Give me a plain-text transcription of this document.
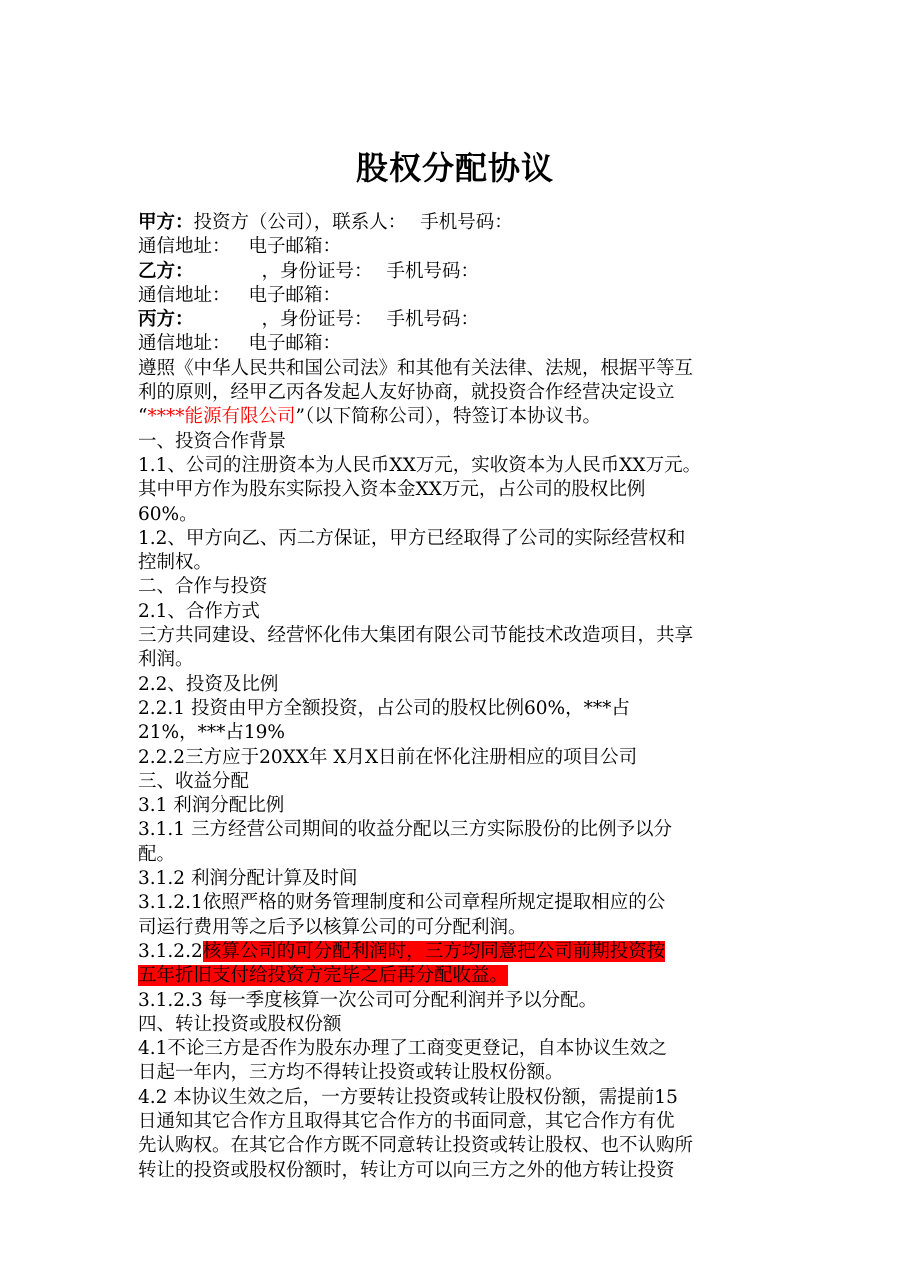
股权分配协议
甲方：投资方（公司），联系人： 手机号码：
通信地址： 电子邮箱：
乙方：	，身份证号： 手机号码：
通信地址： 电子邮箱：
丙方：	，身份证号： 手机号码：
通信地址： 电子邮箱：
遵照《中华人民共和国公司法》和其他有关法律、法规，根据平等互
利的原则，经甲乙丙各发起人友好协商，就投资合作经营决定设立
“****能源有限公司”（以下简称公司），特签订本协议书。
一、投资合作背景
1.1、公司的注册资本为人民币XX万元，实收资本为人民币XX万元。
其中甲方作为股东实际投入资本金XX万元，占公司的股权比例
60%。
1.2、甲方向乙、丙二方保证，甲方已经取得了公司的实际经营权和
控制权。
二、合作与投资
2.1、合作方式
三方共同建设、经营怀化伟大集团有限公司节能技术改造项目，共享
利润。
2.2、投资及比例
2.2.1 投资由甲方全额投资，占公司的股权比例60%，***占
21%，***占19%
2.2.2三方应于20XX年 X月X日前在怀化注册相应的项目公司
三、收益分配
3.1 利润分配比例
3.1.1 三方经营公司期间的收益分配以三方实际股份的比例予以分
配。
3.1.2 利润分配计算及时间
3.1.2.1依照严格的财务管理制度和公司章程所规定提取相应的公
司运行费用等之后予以核算公司的可分配利润。
3.1.2.2核算公司的可分配利润时，三方均同意把公司前期投资按
五年折旧支付给投资方完毕之后再分配收益。
3.1.2.3 每一季度核算一次公司可分配利润并予以分配。
四、转让投资或股权份额
4.1不论三方是否作为股东办理了工商变更登记，自本协议生效之
日起一年内，三方均不得转让投资或转让股权份额。
4.2 本协议生效之后，一方要转让投资或转让股权份额，需提前15
日通知其它合作方且取得其它合作方的书面同意，其它合作方有优
先认购权。在其它合作方既不同意转让投资或转让股权、也不认购所
转让的投资或股权份额时，转让方可以向三方之外的他方转让投资
